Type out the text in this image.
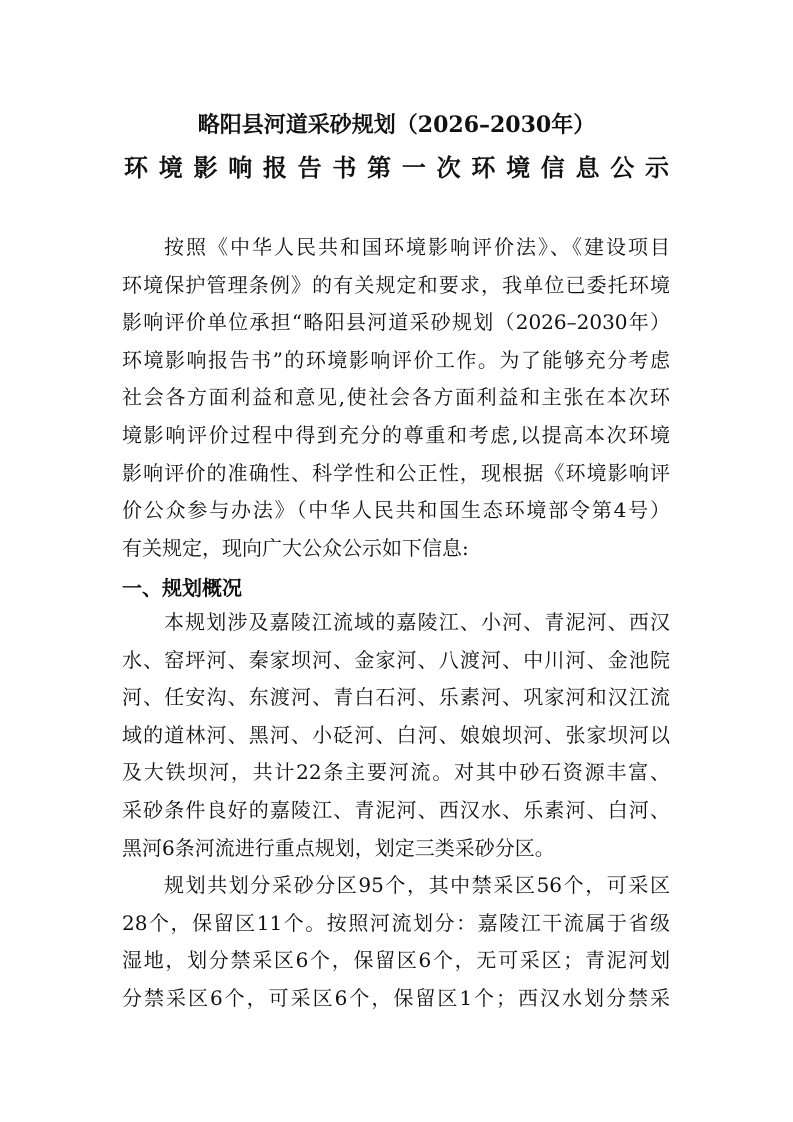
略阳县河道采砂规划（2026–2030年）
环境影响报告书第一次环境信息公示
按照《中华人民共和国环境影响评价法》、《建设项目
环境保护管理条例》的有关规定和要求，我单位已委托环境
影响评价单位承担“略阳县河道采砂规划（2026–2030年）
环境影响报告书”的环境影响评价工作。为了能够充分考虑
社会各方面利益和意见,使社会各方面利益和主张在本次环
境影响评价过程中得到充分的尊重和考虑,以提高本次环境
影响评价的准确性、科学性和公正性，现根据《环境影响评
价公众参与办法》（中华人民共和国生态环境部令第4号）
有关规定，现向广大公众公示如下信息:
一、规划概况
本规划涉及嘉陵江流域的嘉陵江、小河、青泥河、西汉
水、窑坪河、秦家坝河、金家河、八渡河、中川河、金池院
河、任安沟、东渡河、青白石河、乐素河、巩家河和汉江流
域的道林河、黑河、小砭河、白河、娘娘坝河、张家坝河以
及大铁坝河，共计22条主要河流。对其中砂石资源丰富、
采砂条件良好的嘉陵江、青泥河、西汉水、乐素河、白河、
黑河6条河流进行重点规划，划定三类采砂分区。
规划共划分采砂分区95个，其中禁采区56个，可采区
28个，保留区11个。按照河流划分：嘉陵江干流属于省级
湿地，划分禁采区6个，保留区6个，无可采区；青泥河划
分禁采区6个，可采区6个，保留区1个；西汉水划分禁采
